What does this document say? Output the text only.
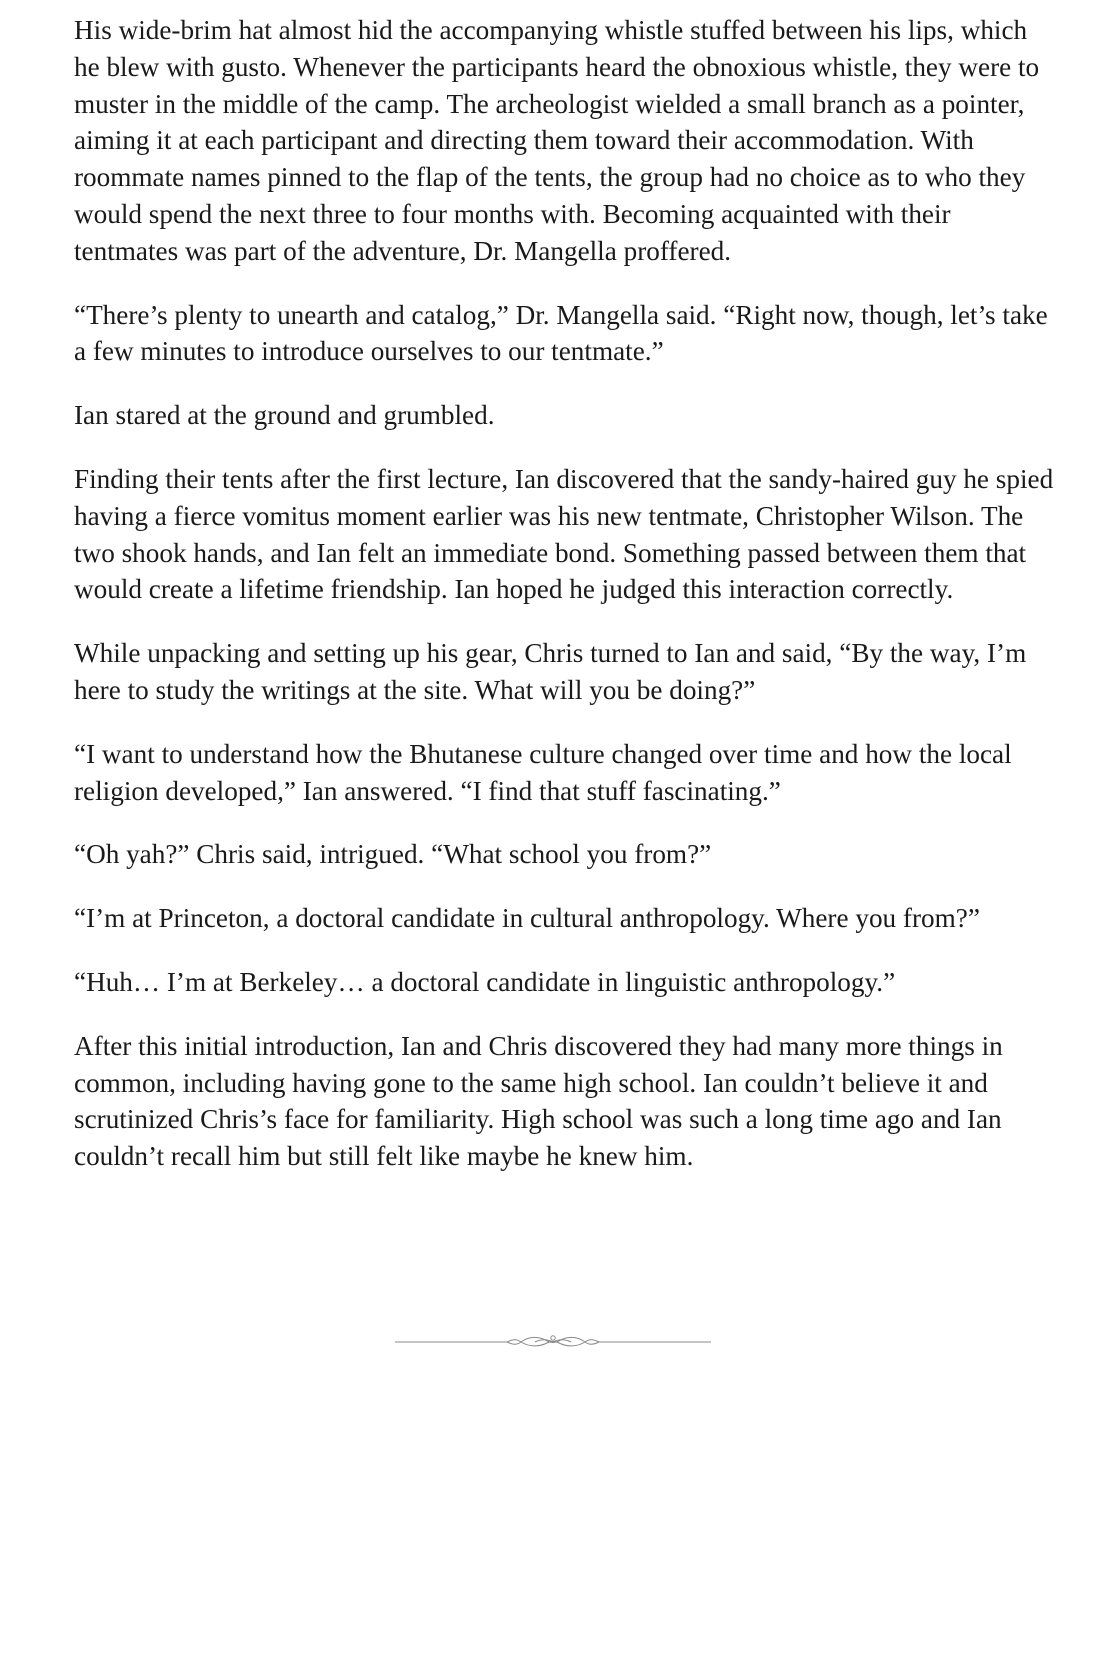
His wide-brim hat almost hid the accompanying whistle stuffed between his lips, which he blew with gusto. Whenever the participants heard the obnoxious whistle, they were to muster in the middle of the camp. The archeologist wielded a small branch as a pointer, aiming it at each participant and directing them toward their accommodation. With roommate names pinned to the flap of the tents, the group had no choice as to who they would spend the next three to four months with. Becoming acquainted with their tentmates was part of the adventure, Dr. Mangella proffered.

“There’s plenty to unearth and catalog,” Dr. Mangella said. “Right now, though, let’s take a few minutes to introduce ourselves to our tentmate.”

Ian stared at the ground and grumbled.

Finding their tents after the first lecture, Ian discovered that the sandy-haired guy he spied having a fierce vomitus moment earlier was his new tentmate, Christopher Wilson. The two shook hands, and Ian felt an immediate bond. Something passed between them that would create a lifetime friendship. Ian hoped he judged this interaction correctly.

While unpacking and setting up his gear, Chris turned to Ian and said, “By the way, I’m here to study the writings at the site. What will you be doing?”

“I want to understand how the Bhutanese culture changed over time and how the local religion developed,” Ian answered. “I find that stuff fascinating.”

“Oh yah?” Chris said, intrigued. “What school you from?”

“I’m at Princeton, a doctoral candidate in cultural anthropology. Where you from?”

“Huh… I’m at Berkeley… a doctoral candidate in linguistic anthropology.”

After this initial introduction, Ian and Chris discovered they had many more things in common, including having gone to the same high school. Ian couldn’t believe it and scrutinized Chris’s face for familiarity. High school was such a long time ago and Ian couldn’t recall him but still felt like maybe he knew him.
